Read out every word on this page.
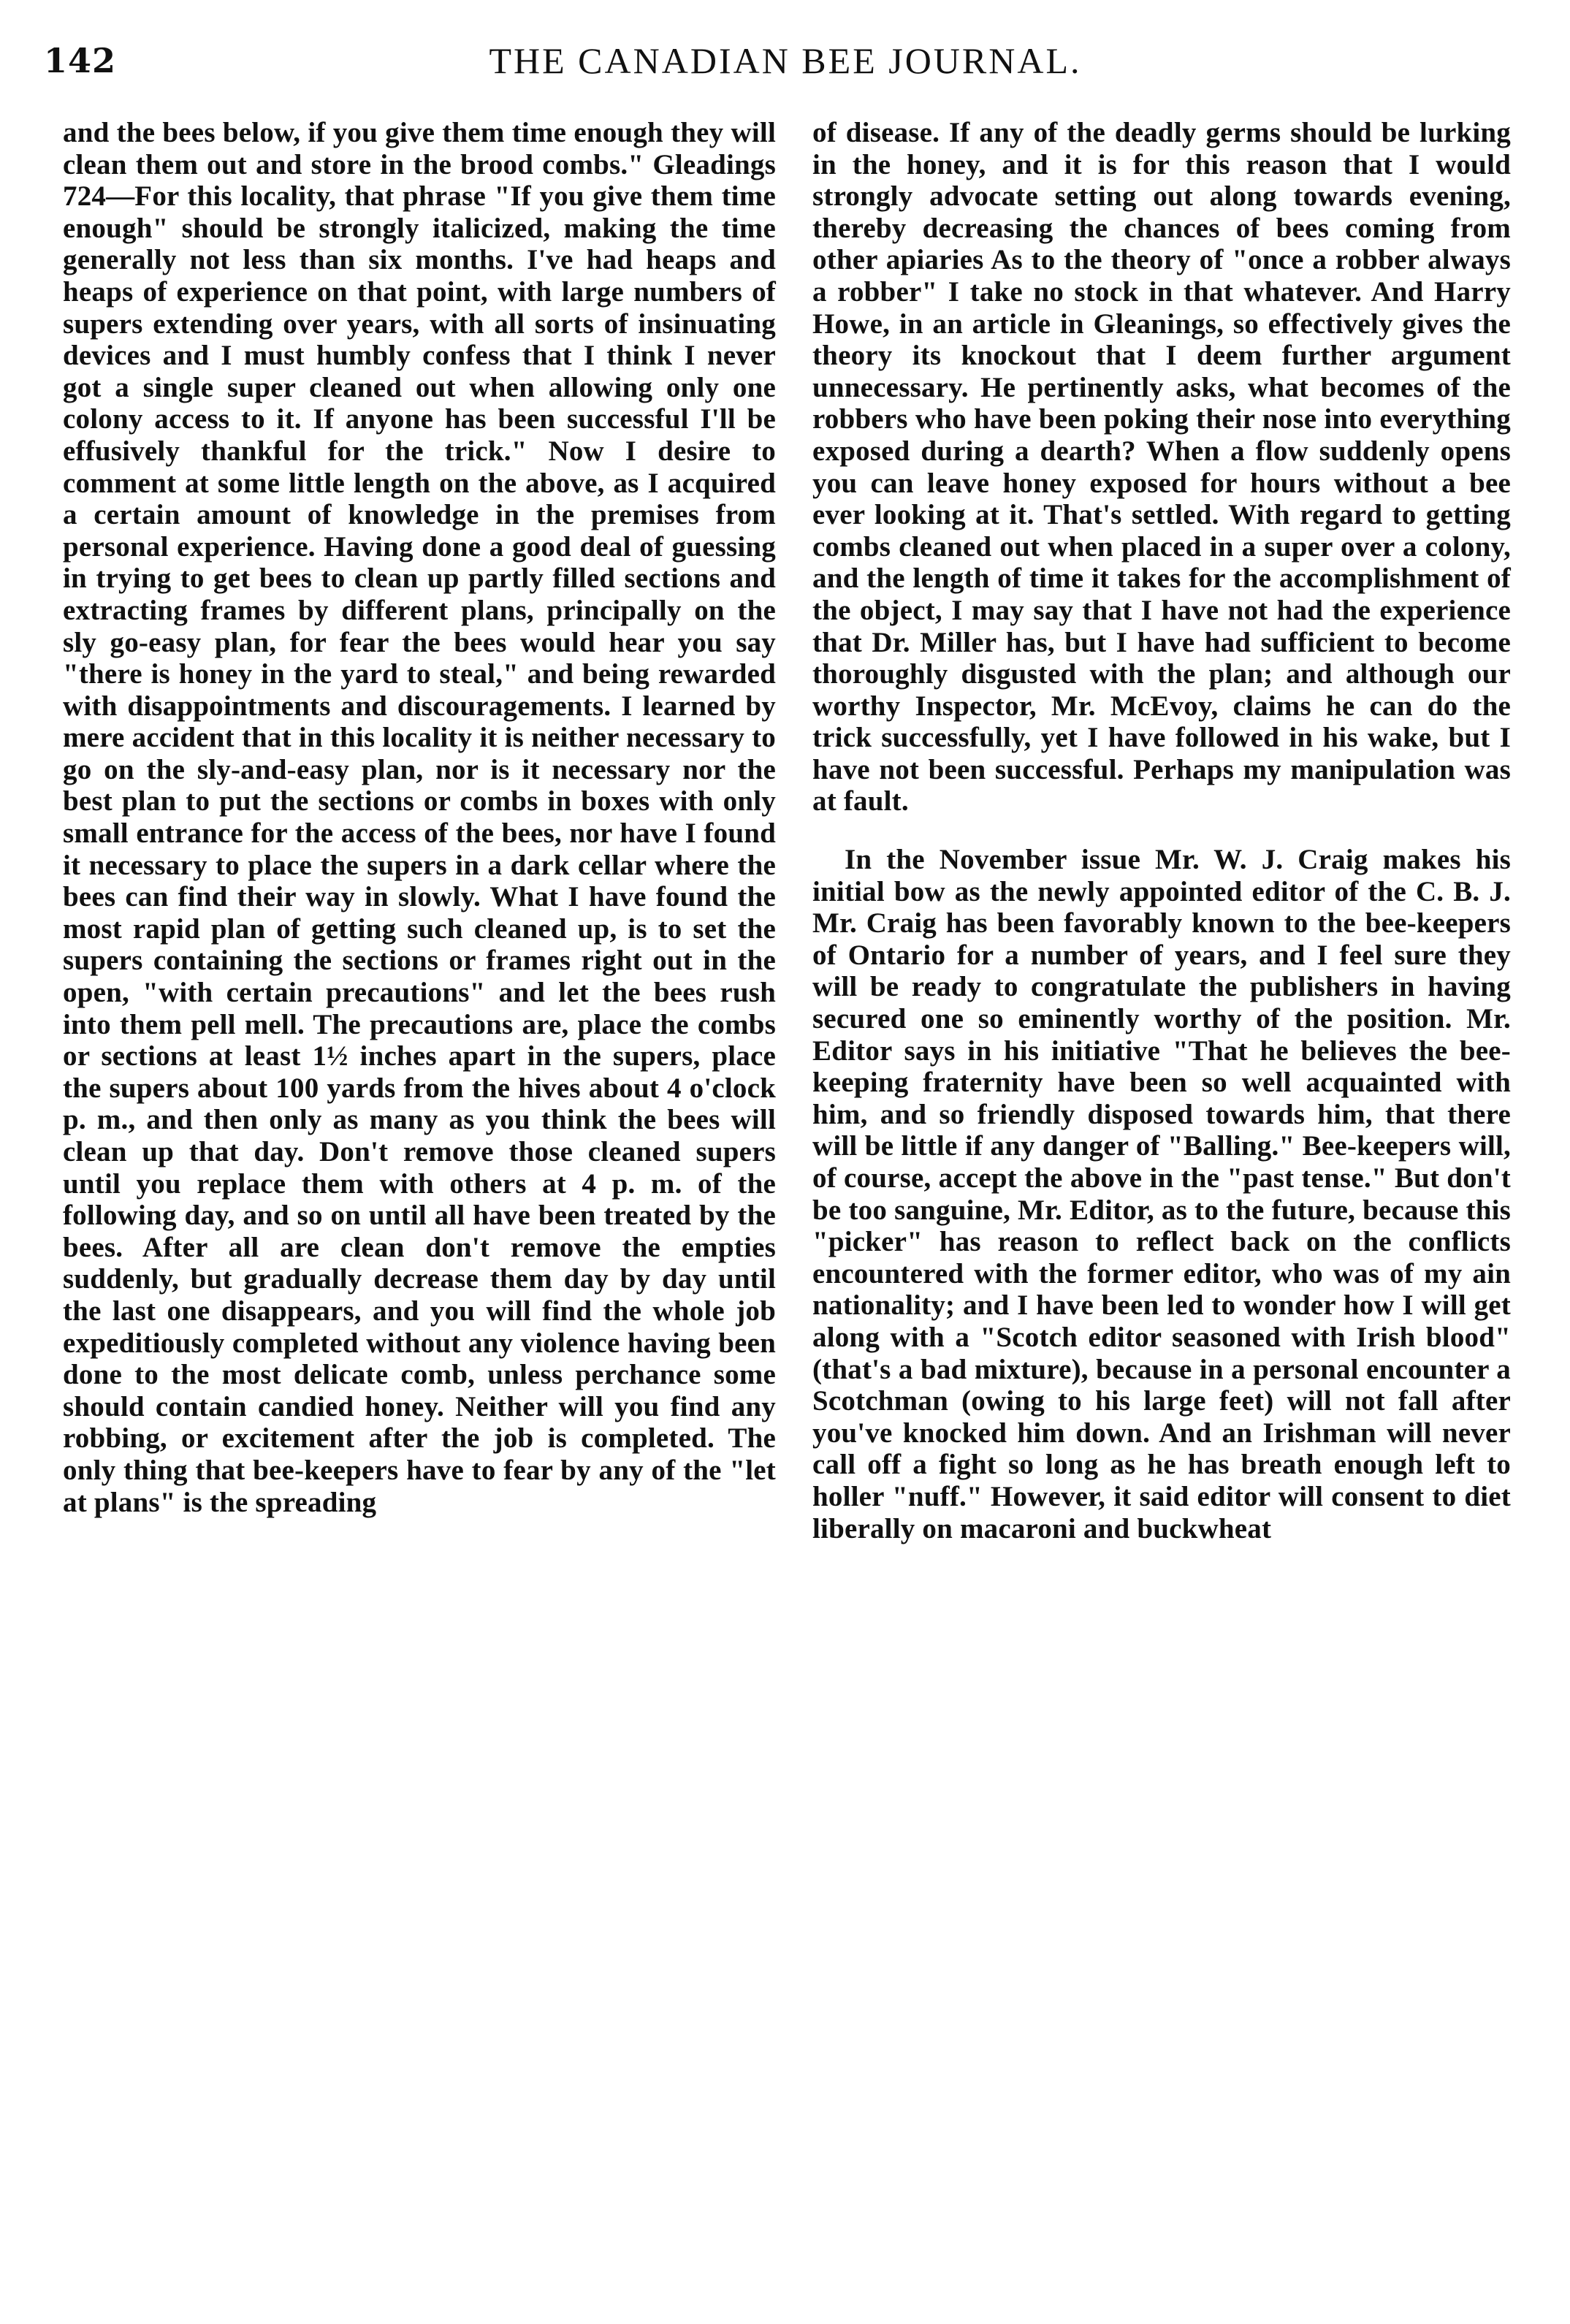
142	THE CANADIAN BEE JOURNAL.

and the bees below, if you give them time enough they will clean them out and store in the brood combs." Gleadings 724—For this locality, that phrase "If you give them time enough" should be strongly italicized, making the time generally not less than six months. I've had heaps and heaps of experience on that point, with large numbers of supers extending over years, with all sorts of insinuating devices and I must humbly confess that I think I never got a single super cleaned out when allowing only one colony access to it. If anyone has been successful I'll be effusively thankful for the trick." Now I desire to comment at some little length on the above, as I acquired a certain amount of knowledge in the premises from personal experience. Having done a good deal of guessing in trying to get bees to clean up partly filled sections and extracting frames by different plans, principally on the sly go-easy plan, for fear the bees would hear you say "there is honey in the yard to steal," and being rewarded with disappointments and discouragements. I learned by mere accident that in this locality it is neither necessary to go on the sly-and-easy plan, nor is it necessary nor the best plan to put the sections or combs in boxes with only small entrance for the access of the bees, nor have I found it necessary to place the supers in a dark cellar where the bees can find their way in slowly. What I have found the most rapid plan of getting such cleaned up, is to set the supers containing the sections or frames right out in the open, "with certain precautions" and let the bees rush into them pell mell. The precautions are, place the combs or sections at least 1½ inches apart in the supers, place the supers about 100 yards from the hives about 4 o'clock p. m., and then only as many as you think the bees will clean up that day. Don't remove those cleaned supers until you replace them with others at 4 p. m. of the following day, and so on until all have been treated by the bees. After all are clean don't remove the empties suddenly, but gradually decrease them day by day until the last one disappears, and you will find the whole job expeditiously completed without any violence having been done to the most delicate comb, unless perchance some should contain candied honey. Neither will you find any robbing, or excitement after the job is completed. The only thing that bee-keepers have to fear by any of the "let at plans" is the spreading

of disease. If any of the deadly germs should be lurking in the honey, and it is for this reason that I would strongly advocate setting out along towards evening, thereby decreasing the chances of bees coming from other apiaries As to the theory of "once a robber always a robber" I take no stock in that whatever. And Harry Howe, in an article in Gleanings, so effectively gives the theory its knockout that I deem further argument unnecessary. He pertinently asks, what becomes of the robbers who have been poking their nose into everything exposed during a dearth? When a flow suddenly opens you can leave honey exposed for hours without a bee ever looking at it. That's settled. With regard to getting combs cleaned out when placed in a super over a colony, and the length of time it takes for the accomplishment of the object, I may say that I have not had the experience that Dr. Miller has, but I have had sufficient to become thoroughly disgusted with the plan; and although our worthy Inspector, Mr. McEvoy, claims he can do the trick successfully, yet I have followed in his wake, but I have not been successful. Perhaps my manipulation was at fault.

In the November issue Mr. W. J. Craig makes his initial bow as the newly appointed editor of the C. B. J. Mr. Craig has been favorably known to the bee-keepers of Ontario for a number of years, and I feel sure they will be ready to congratulate the publishers in having secured one so eminently worthy of the position. Mr. Editor says in his initiative "That he believes the bee-keeping fraternity have been so well acquainted with him, and so friendly disposed towards him, that there will be little if any danger of "Balling." Bee-keepers will, of course, accept the above in the "past tense." But don't be too sanguine, Mr. Editor, as to the future, because this "picker" has reason to reflect back on the conflicts encountered with the former editor, who was of my ain nationality; and I have been led to wonder how I will get along with a "Scotch editor seasoned with Irish blood" (that's a bad mixture), because in a personal encounter a Scotchman (owing to his large feet) will not fall after you've knocked him down. And an Irishman will never call off a fight so long as he has breath enough left to holler "nuff." However, it said editor will consent to diet liberally on macaroni and buckwheat
